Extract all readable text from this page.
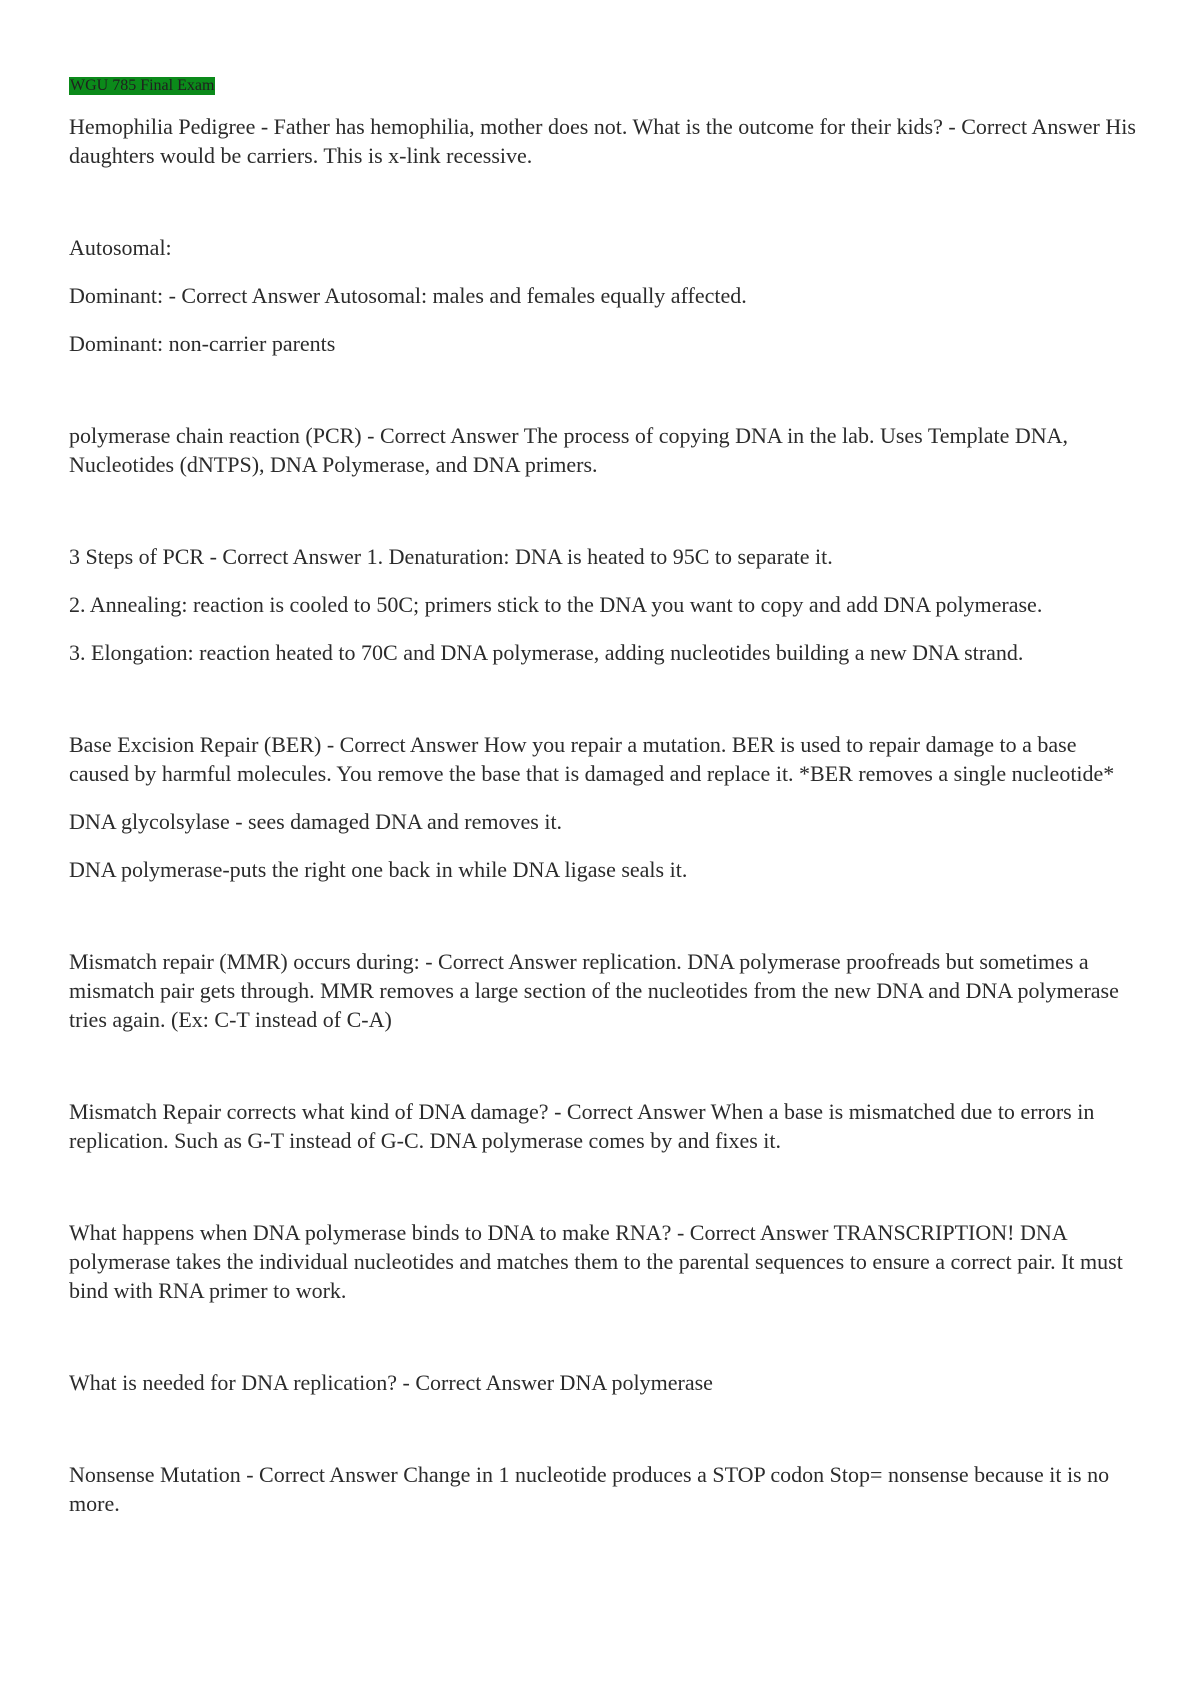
WGU 785 Final Exam

Hemophilia Pedigree - Father has hemophilia, mother does not. What is the outcome for their kids? - Correct Answer His daughters would be carriers. This is x-link recessive.

Autosomal:

Dominant: - Correct Answer Autosomal: males and females equally affected.

Dominant: non-carrier parents

polymerase chain reaction (PCR) - Correct Answer The process of copying DNA in the lab. Uses Template DNA, Nucleotides (dNTPS), DNA Polymerase, and DNA primers.

3 Steps of PCR - Correct Answer 1. Denaturation: DNA is heated to 95C to separate it.

2. Annealing: reaction is cooled to 50C; primers stick to the DNA you want to copy and add DNA polymerase.

3. Elongation: reaction heated to 70C and DNA polymerase, adding nucleotides building a new DNA strand.

Base Excision Repair (BER) - Correct Answer How you repair a mutation. BER is used to repair damage to a base caused by harmful molecules. You remove the base that is damaged and replace it. *BER removes a single nucleotide*

DNA glycolsylase - sees damaged DNA and removes it.

DNA polymerase-puts the right one back in while DNA ligase seals it.

Mismatch repair (MMR) occurs during: - Correct Answer replication. DNA polymerase proofreads but sometimes a mismatch pair gets through. MMR removes a large section of the nucleotides from the new DNA and DNA polymerase tries again. (Ex: C-T instead of C-A)

Mismatch Repair corrects what kind of DNA damage? - Correct Answer When a base is mismatched due to errors in replication. Such as G-T instead of G-C. DNA polymerase comes by and fixes it.

What happens when DNA polymerase binds to DNA to make RNA? - Correct Answer TRANSCRIPTION! DNA polymerase takes the individual nucleotides and matches them to the parental sequences to ensure a correct pair. It must bind with RNA primer to work.

What is needed for DNA replication? - Correct Answer DNA polymerase

Nonsense Mutation - Correct Answer Change in 1 nucleotide produces a STOP codon Stop= nonsense because it is no more.
